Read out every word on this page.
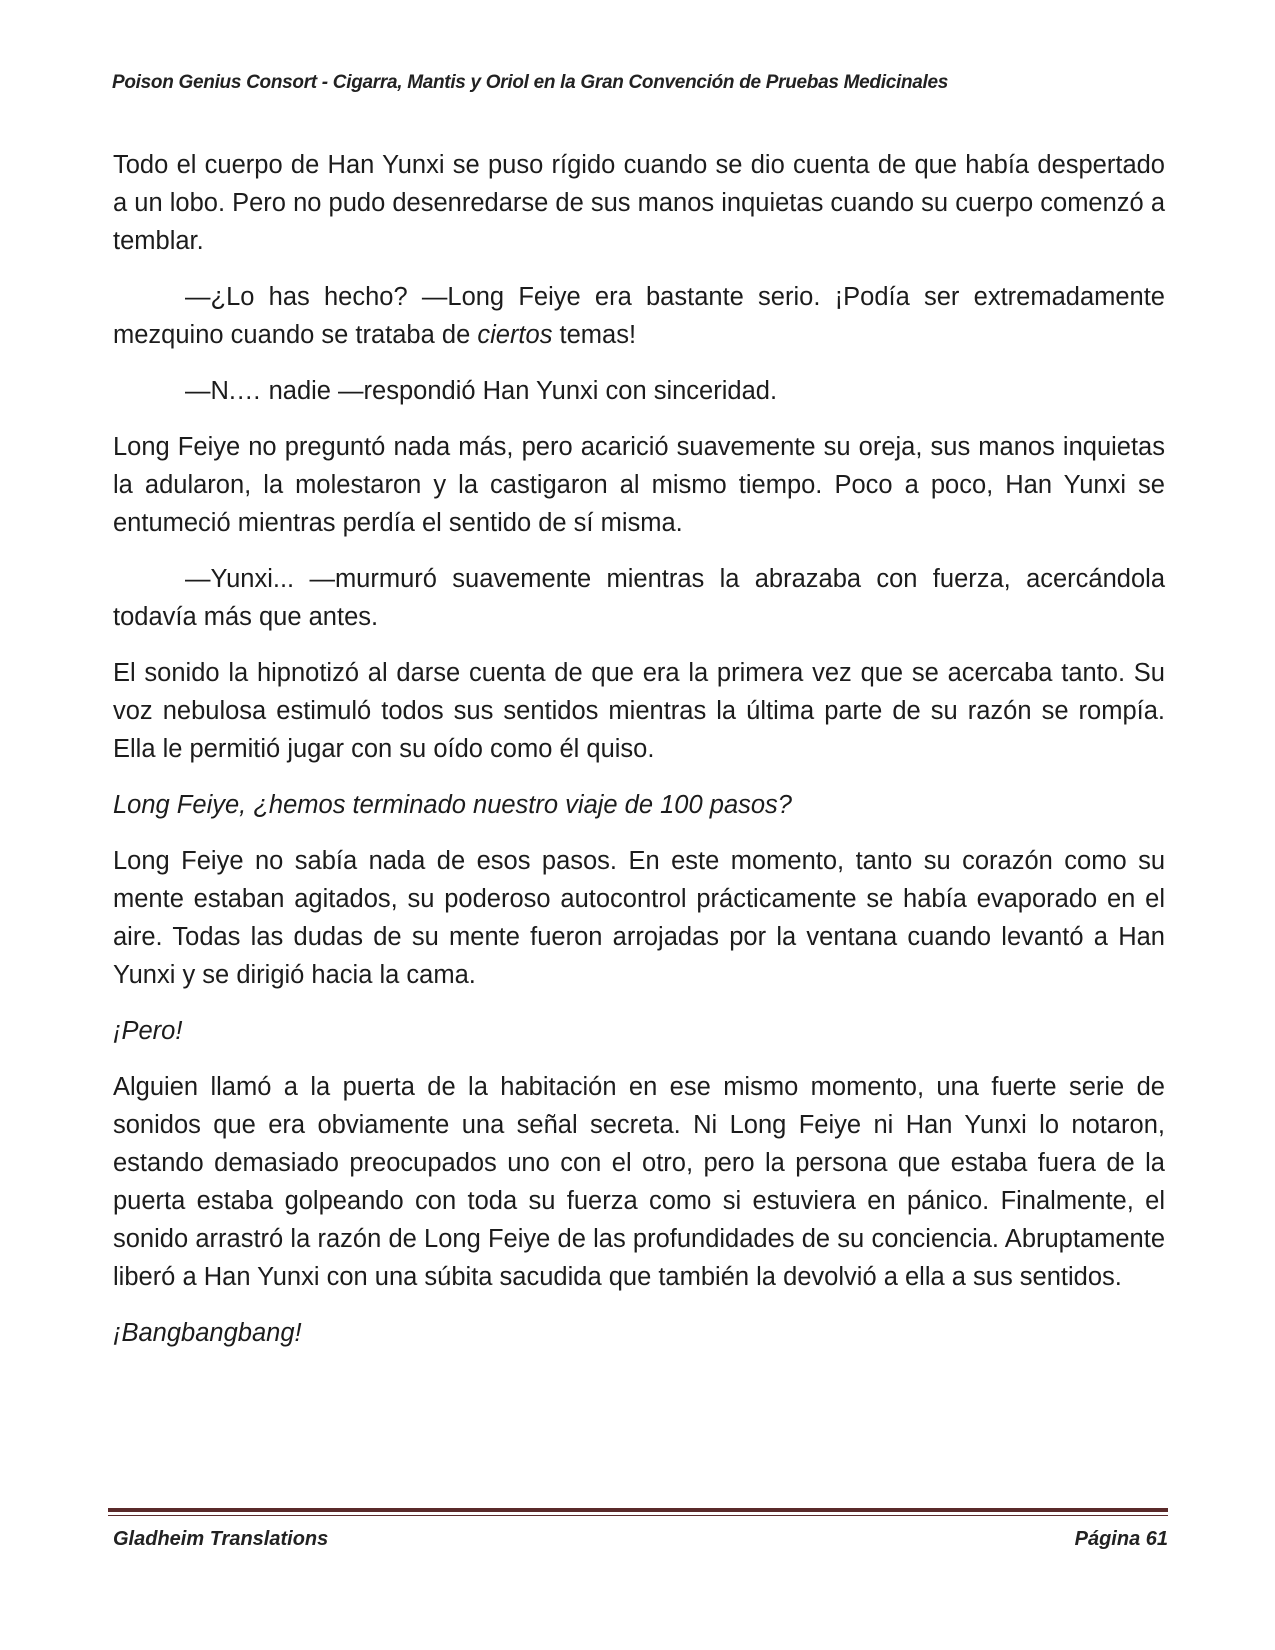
Poison Genius Consort - Cigarra, Mantis y Oriol en la Gran Convención de Pruebas Medicinales

Todo el cuerpo de Han Yunxi se puso rígido cuando se dio cuenta de que había despertado a un lobo. Pero no pudo desenredarse de sus manos inquietas cuando su cuerpo comenzó a temblar.

—¿Lo has hecho? —Long Feiye era bastante serio. ¡Podía ser extremadamente mezquino cuando se trataba de ciertos temas!

—N.… nadie —respondió Han Yunxi con sinceridad.

Long Feiye no preguntó nada más, pero acarició suavemente su oreja, sus manos inquietas la adularon, la molestaron y la castigaron al mismo tiempo. Poco a poco, Han Yunxi se entumeció mientras perdía el sentido de sí misma.

—Yunxi... —murmuró suavemente mientras la abrazaba con fuerza, acercándola todavía más que antes.

El sonido la hipnotizó al darse cuenta de que era la primera vez que se acercaba tanto. Su voz nebulosa estimuló todos sus sentidos mientras la última parte de su razón se rompía. Ella le permitió jugar con su oído como él quiso.

Long Feiye, ¿hemos terminado nuestro viaje de 100 pasos?

Long Feiye no sabía nada de esos pasos. En este momento, tanto su corazón como su mente estaban agitados, su poderoso autocontrol prácticamente se había evaporado en el aire. Todas las dudas de su mente fueron arrojadas por la ventana cuando levantó a Han Yunxi y se dirigió hacia la cama.

¡Pero!

Alguien llamó a la puerta de la habitación en ese mismo momento, una fuerte serie de sonidos que era obviamente una señal secreta. Ni Long Feiye ni Han Yunxi lo notaron, estando demasiado preocupados uno con el otro, pero la persona que estaba fuera de la puerta estaba golpeando con toda su fuerza como si estuviera en pánico. Finalmente, el sonido arrastró la razón de Long Feiye de las profundidades de su conciencia. Abruptamente liberó a Han Yunxi con una súbita sacudida que también la devolvió a ella a sus sentidos.

¡Bangbangbang!

Gladheim Translations	Página 61
